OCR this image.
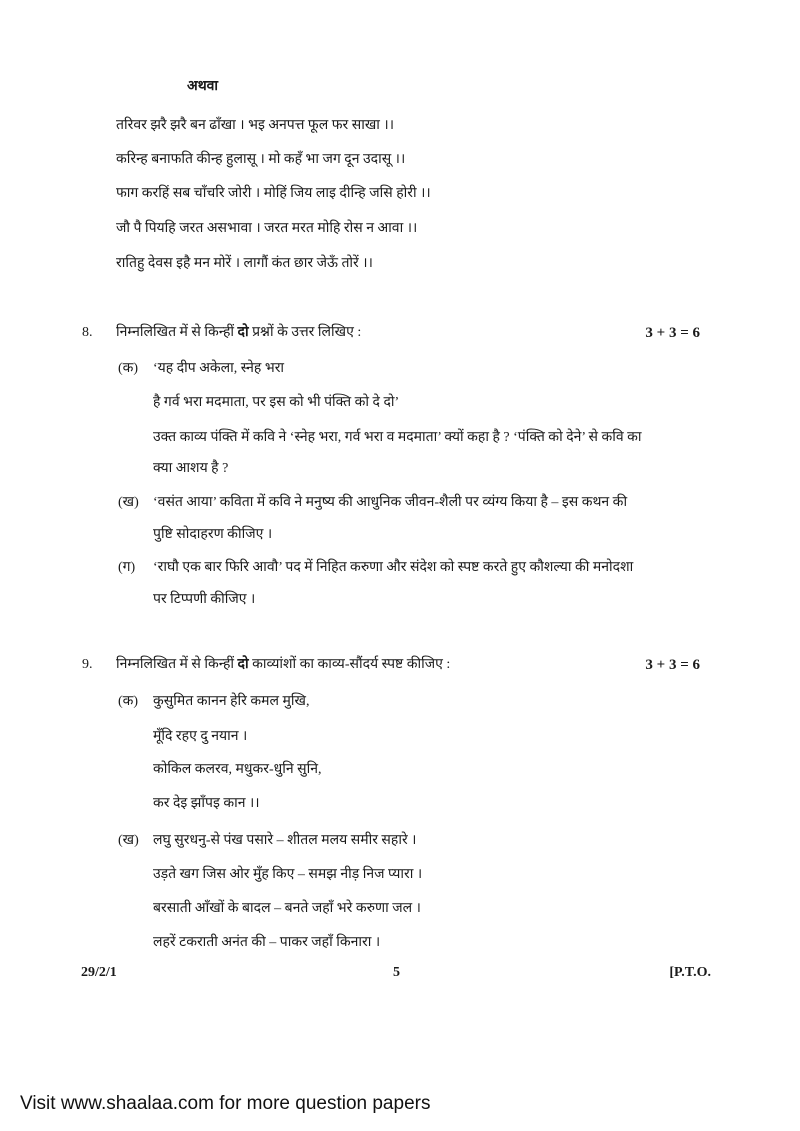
अथवा
तरिवर झरै झरै बन ढाँखा । भइ अनपत्त फूल फर साखा ।।
करिन्ह बनाफति कीन्ह हुलासू । मो कहँ भा जग दून उदासू ।।
फाग करहिं सब चाँचरि जोरी । मोहिं जिय लाइ दीन्हि जसि होरी ।।
जौ पै पियहि जरत असभावा । जरत मरत मोहि रोस न आवा ।।
रातिहु देवस इहै मन मोरें । लागौं कंत छार जेऊँ तोरें ।।
8. निम्नलिखित में से किन्हीं दो प्रश्नों के उत्तर लिखिए :	3 + 3 = 6
(क) ‘यह दीप अकेला, स्नेह भरा
है गर्व भरा मदमाता, पर इस को भी पंक्ति को दे दो’
उक्त काव्य पंक्ति में कवि ने ‘स्नेह भरा, गर्व भरा व मदमाता’ क्यों कहा है ? ‘पंक्ति को देने’ से कवि का
क्या आशय है ?
(ख) ‘वसंत आया’ कविता में कवि ने मनुष्य की आधुनिक जीवन-शैली पर व्यंग्य किया है – इस कथन की
पुष्टि सोदाहरण कीजिए ।
(ग) ‘राघौ एक बार फिरि आवौ’ पद में निहित करुणा और संदेश को स्पष्ट करते हुए कौशल्या की मनोदशा
पर टिप्पणी कीजिए ।
9. निम्नलिखित में से किन्हीं दो काव्यांशों का काव्य-सौंदर्य स्पष्ट कीजिए :	3 + 3 = 6
(क) कुसुमित कानन हेरि कमल मुखि,
मूँदि रहए दु नयान ।
कोकिल कलरव, मधुकर-धुनि सुनि,
कर देइ झाँपइ कान ।।
(ख) लघु सुरधनु-से पंख पसारे – शीतल मलय समीर सहारे ।
उड़ते खग जिस ओर मुँह किए – समझ नीड़ निज प्यारा ।
बरसाती आँखों के बादल – बनते जहाँ भरे करुणा जल ।
लहरें टकराती अनंत की – पाकर जहाँ किनारा ।
29/2/1	5	[P.T.O.
Visit www.shaalaa.com for more question papers
